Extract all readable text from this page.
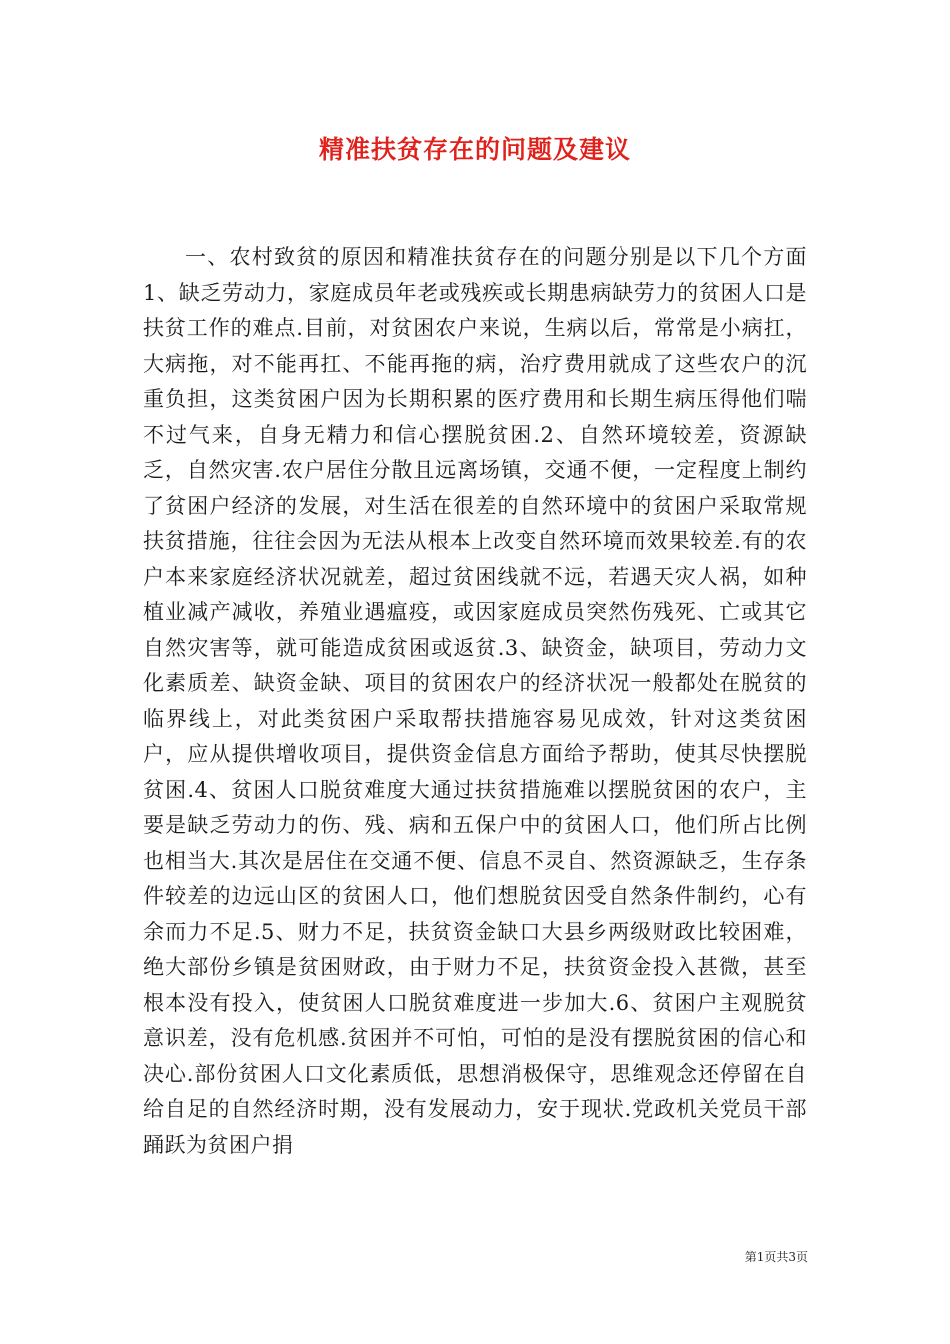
精准扶贫存在的问题及建议

一、农村致贫的原因和精准扶贫存在的问题分别是以下几个方面1、缺乏劳动力，家庭成员年老或残疾或长期患病缺劳力的贫困人口是扶贫工作的难点.目前，对贫困农户来说，生病以后，常常是小病扛，大病拖，对不能再扛、不能再拖的病，治疗费用就成了这些农户的沉重负担，这类贫困户因为长期积累的医疗费用和长期生病压得他们喘不过气来，自身无精力和信心摆脱贫困.2、自然环境较差，资源缺乏，自然灾害.农户居住分散且远离场镇，交通不便，一定程度上制约了贫困户经济的发展，对生活在很差的自然环境中的贫困户采取常规扶贫措施，往往会因为无法从根本上改变自然环境而效果较差.有的农户本来家庭经济状况就差，超过贫困线就不远，若遇天灾人祸，如种植业减产减收，养殖业遇瘟疫，或因家庭成员突然伤残死、亡或其它自然灾害等，就可能造成贫困或返贫.3、缺资金，缺项目，劳动力文化素质差、缺资金缺、项目的贫困农户的经济状况一般都处在脱贫的临界线上，对此类贫困户采取帮扶措施容易见成效，针对这类贫困户，应从提供增收项目，提供资金信息方面给予帮助，使其尽快摆脱贫困.4、贫困人口脱贫难度大通过扶贫措施难以摆脱贫困的农户，主要是缺乏劳动力的伤、残、病和五保户中的贫困人口，他们所占比例也相当大.其次是居住在交通不便、信息不灵自、然资源缺乏，生存条件较差的边远山区的贫困人口，他们想脱贫因受自然条件制约，心有余而力不足.5、财力不足，扶贫资金缺口大县乡两级财政比较困难，绝大部份乡镇是贫困财政，由于财力不足，扶贫资金投入甚微，甚至根本没有投入，使贫困人口脱贫难度进一步加大.6、贫困户主观脱贫意识差，没有危机感.贫困并不可怕，可怕的是没有摆脱贫困的信心和决心.部份贫困人口文化素质低，思想消极保守，思维观念还停留在自给自足的自然经济时期，没有发展动力，安于现状.党政机关党员干部踊跃为贫困户捐

第1页共3页
